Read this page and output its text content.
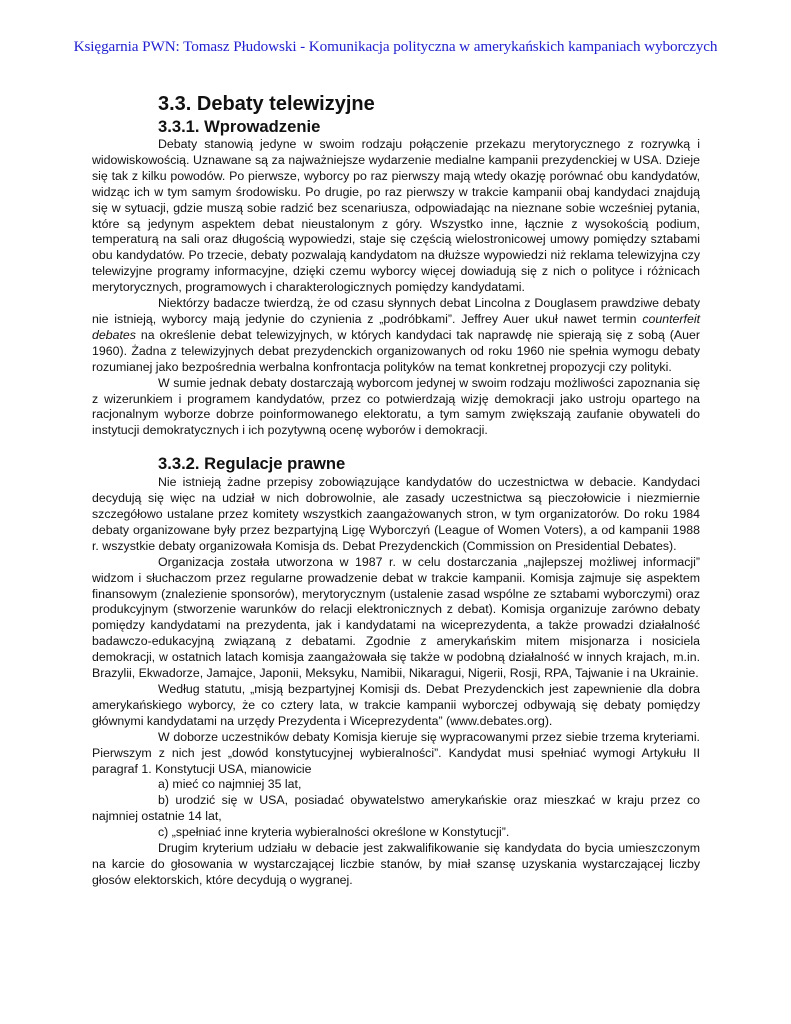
Księgarnia PWN: Tomasz Płudowski - Komunikacja polityczna w amerykańskich kampaniach wyborczych
3.3. Debaty telewizyjne
3.3.1. Wprowadzenie

Debaty stanowią jedyne w swoim rodzaju połączenie przekazu merytorycznego z rozrywką i widowiskowością. Uznawane są za najważniejsze wydarzenie medialne kampanii prezydenckiej w USA. Dzieje się tak z kilku powodów. Po pierwsze, wyborcy po raz pierwszy mają wtedy okazję porównać obu kandydatów, widząc ich w tym samym środowisku. Po drugie, po raz pierwszy w trakcie kampanii obaj kandydaci znajdują się w sytuacji, gdzie muszą sobie radzić bez scenariusza, odpowiadając na nieznane sobie wcześniej pytania, które są jedynym aspektem debat nieustalonym z góry. Wszystko inne, łącznie z wysokością podium, temperaturą na sali oraz długością wypowiedzi, staje się częścią wielostronicowej umowy pomiędzy sztabami obu kandydatów. Po trzecie, debaty pozwalają kandydatom na dłuższe wypowiedzi niż reklama telewizyjna czy telewizyjne programy informacyjne, dzięki czemu wyborcy więcej dowiadują się z nich o polityce i różnicach merytorycznych, programowych i charakterologicznych pomiędzy kandydatami.

Niektórzy badacze twierdzą, że od czasu słynnych debat Lincolna z Douglasem prawdziwe debaty nie istnieją, wyborcy mają jedynie do czynienia z „podróbkami”. Jeffrey Auer ukuł nawet termin counterfeit debates na określenie debat telewizyjnych, w których kandydaci tak naprawdę nie spierają się z sobą (Auer 1960). Żadna z telewizyjnych debat prezydenckich organizowanych od roku 1960 nie spełnia wymogu debaty rozumianej jako bezpośrednia werbalna konfrontacja polityków na temat konkretnej propozycji czy polityki.

W sumie jednak debaty dostarczają wyborcom jedynej w swoim rodzaju możliwości zapoznania się z wizerunkiem i programem kandydatów, przez co potwierdzają wizję demokracji jako ustroju opartego na racjonalnym wyborze dobrze poinformowanego elektoratu, a tym samym zwiększają zaufanie obywateli do instytucji demokratycznych i ich pozytywną ocenę wyborów i demokracji.

3.3.2. Regulacje prawne

Nie istnieją żadne przepisy zobowiązujące kandydatów do uczestnictwa w debacie. Kandydaci decydują się więc na udział w nich dobrowolnie, ale zasady uczestnictwa są pieczołowicie i niezmiernie szczegółowo ustalane przez komitety wszystkich zaangażowanych stron, w tym organizatorów. Do roku 1984 debaty organizowane były przez bezpartyjną Ligę Wyborczyń (League of Women Voters), a od kampanii 1988 r. wszystkie debaty organizowała Komisja ds. Debat Prezydenckich (Commission on Presidential Debates).

Organizacja została utworzona w 1987 r. w celu dostarczania „najlepszej możliwej informacji” widzom i słuchaczom przez regularne prowadzenie debat w trakcie kampanii. Komisja zajmuje się aspektem finansowym (znalezienie sponsorów), merytorycznym (ustalenie zasad wspólne ze sztabami wyborczymi) oraz produkcyjnym (stworzenie warunków do relacji elektronicznych z debat). Komisja organizuje zarówno debaty pomiędzy kandydatami na prezydenta, jak i kandydatami na wiceprezydenta, a także prowadzi działalność badawczo-edukacyjną związaną z debatami. Zgodnie z amerykańskim mitem misjonarza i nosiciela demokracji, w ostatnich latach komisja zaangażowała się także w podobną działalność w innych krajach, m.in. Brazylii, Ekwadorze, Jamajce, Japonii, Meksyku, Namibii, Nikaragui, Nigerii, Rosji, RPA, Tajwanie i na Ukrainie.

Według statutu, „misją bezpartyjnej Komisji ds. Debat Prezydenckich jest zapewnienie dla dobra amerykańskiego wyborcy, że co cztery lata, w trakcie kampanii wyborczej odbywają się debaty pomiędzy głównymi kandydatami na urzędy Prezydenta i Wiceprezydenta” (www.debates.org).

W doborze uczestników debaty Komisja kieruje się wypracowanymi przez siebie trzema kryteriami. Pierwszym z nich jest „dowód konstytucyjnej wybieralności”. Kandydat musi spełniać wymogi Artykułu II paragraf 1. Konstytucji USA, mianowicie

a) mieć co najmniej 35 lat,

b) urodzić się w USA, posiadać obywatelstwo amerykańskie oraz mieszkać w kraju przez co najmniej ostatnie 14 lat,

c) „spełniać inne kryteria wybieralności określone w Konstytucji”.

Drugim kryterium udziału w debacie jest zakwalifikowanie się kandydata do bycia umieszczonym na karcie do głosowania w wystarczającej liczbie stanów, by miał szansę uzyskania wystarczającej liczby głosów elektorskich, które decydują o wygranej.
